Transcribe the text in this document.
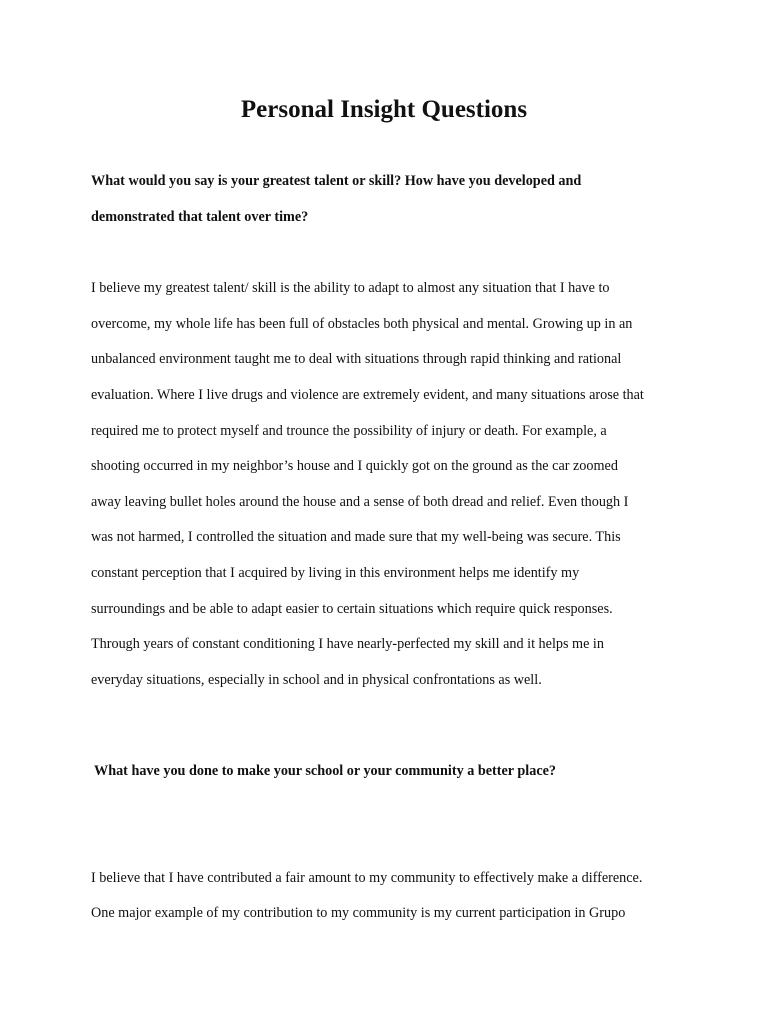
Personal Insight Questions

What would you say is your greatest talent or skill? How have you developed and

demonstrated that talent over time?

I believe my greatest talent/ skill is the ability to adapt to almost any situation that I have to

overcome, my whole life has been full of obstacles both physical and mental. Growing up in an

unbalanced environment taught me to deal with situations through rapid thinking and rational

evaluation. Where I live drugs and violence are extremely evident, and many situations arose that

required me to protect myself and trounce the possibility of injury or death. For example, a

shooting occurred in my neighbor’s house and I quickly got on the ground as the car zoomed

away leaving bullet holes around the house and a sense of both dread and relief. Even though I

was not harmed, I controlled the situation and made sure that my well-being was secure. This

constant perception that I acquired by living in this environment helps me identify my

surroundings and be able to adapt easier to certain situations which require quick responses.

Through years of constant conditioning I have nearly-perfected my skill and it helps me in

everyday situations, especially in school and in physical confrontations as well.

What have you done to make your school or your community a better place?

I believe that I have contributed a fair amount to my community to effectively make a difference.

One major example of my contribution to my community is my current participation in Grupo
